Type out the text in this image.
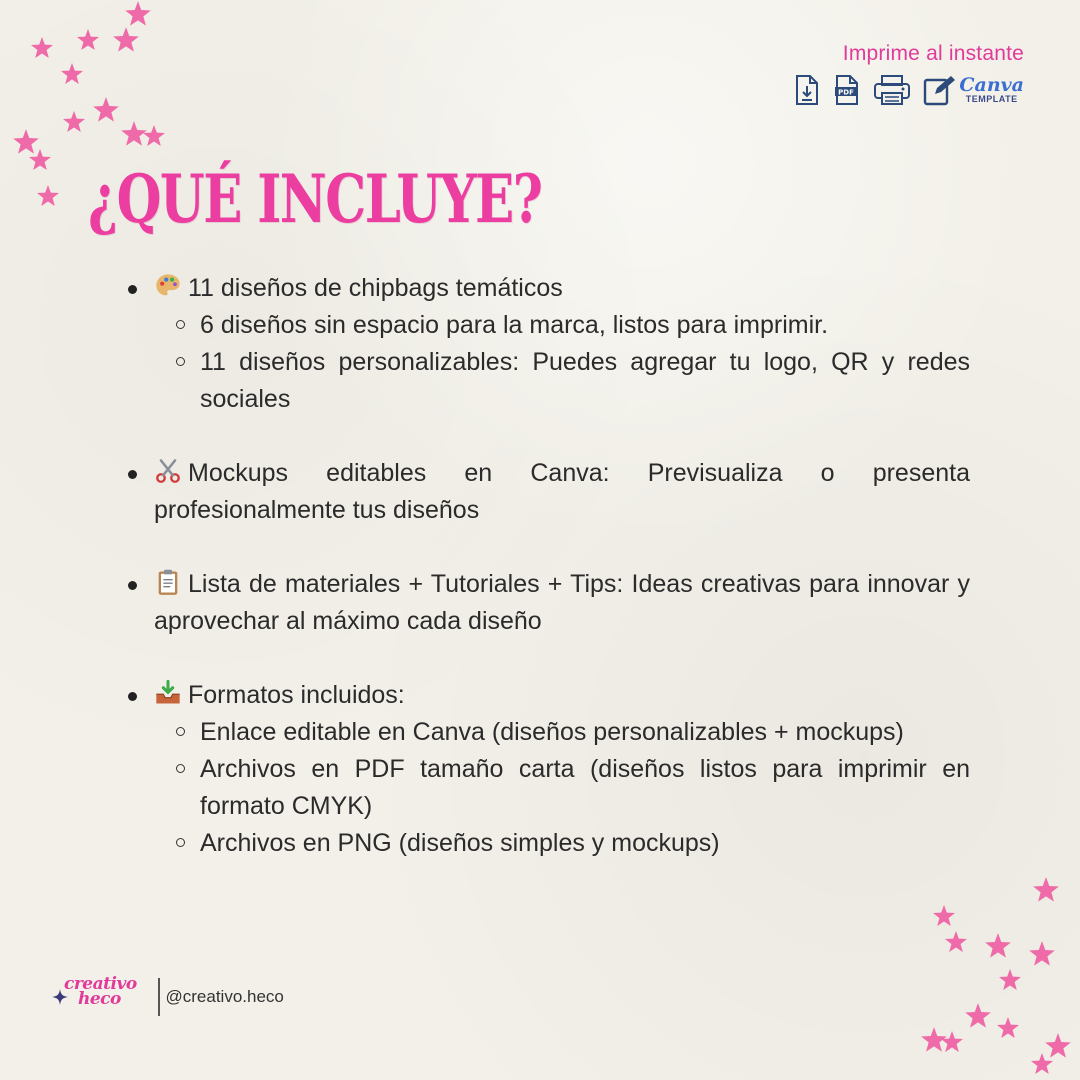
Imprime al instante
PDF	Canva
TEMPLATE
¿QUÉ INCLUYE?

11 diseños de chipbags temáticos

6 diseños sin espacio para la marca, listos para imprimir.
11 diseños personalizables: Puedes agregar tu logo, QR y redes sociales

Mockups editables en Canva: Previsualiza o presenta profesionalmente tus diseños

Lista de materiales + Tutoriales + Tips: Ideas creativas para innovar y aprovechar al máximo cada diseño

Formatos incluidos:

Enlace editable en Canva (diseños personalizables + mockups)
Archivos en PDF tamaño carta (diseños listos para imprimir en formato CMYK)
Archivos en PNG (diseños simples y mockups)
creativo
heco	@creativo.heco
